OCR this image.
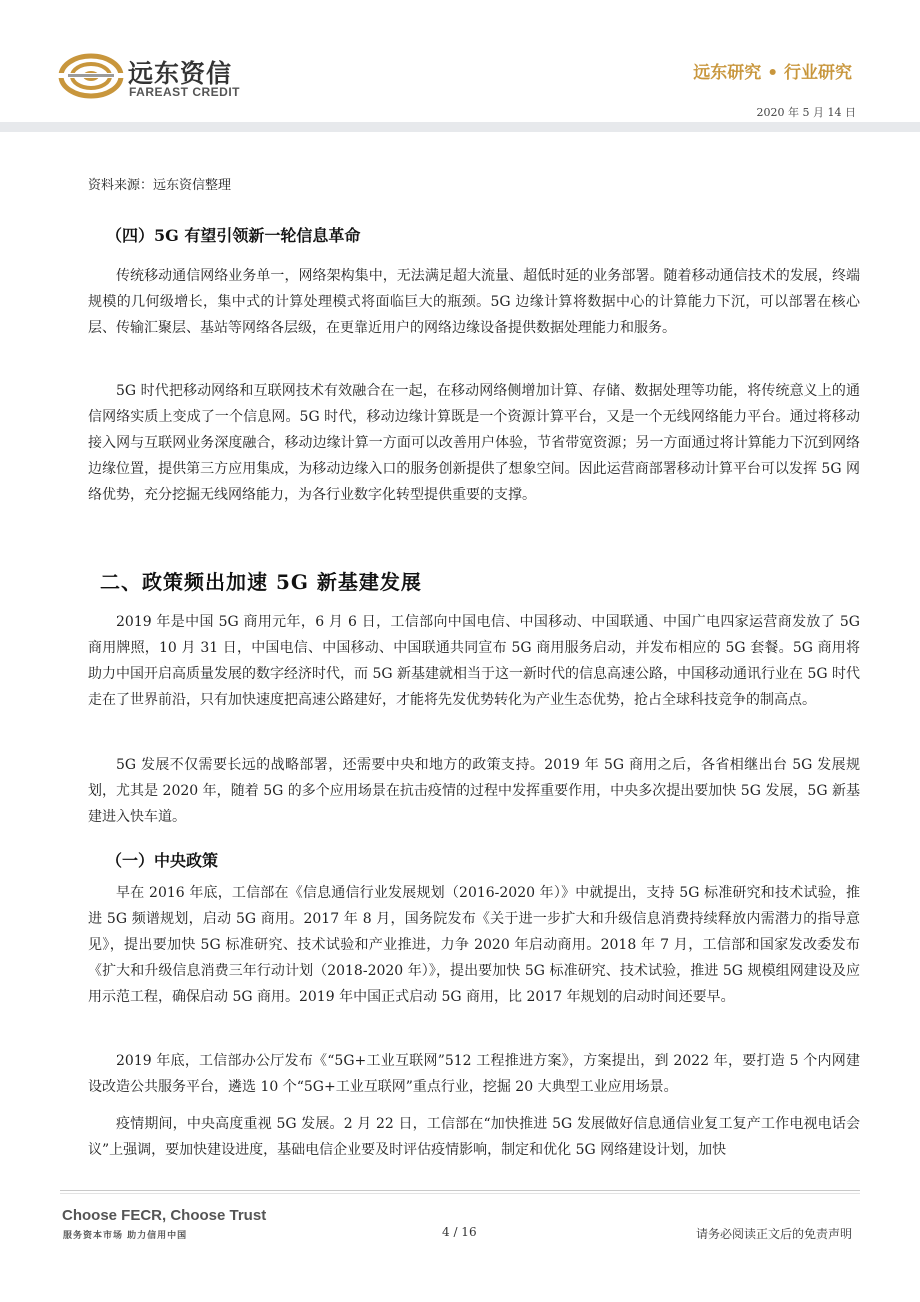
远东资信
FAREAST CREDIT
远东研究 • 行业研究
2020 年 5 月 14 日
资料来源：远东资信整理
（四）5G 有望引领新一轮信息革命

传统移动通信网络业务单一，网络架构集中，无法满足超大流量、超低时延的业务部署。随着移动通信技术的发展，终端规模的几何级增长，集中式的计算处理模式将面临巨大的瓶颈。5G 边缘计算将数据中心的计算能力下沉，可以部署在核心层、传输汇聚层、基站等网络各层级，在更靠近用户的网络边缘设备提供数据处理能力和服务。

5G 时代把移动网络和互联网技术有效融合在一起，在移动网络侧增加计算、存储、数据处理等功能，将传统意义上的通信网络实质上变成了一个信息网。5G 时代，移动边缘计算既是一个资源计算平台，又是一个无线网络能力平台。通过将移动接入网与互联网业务深度融合，移动边缘计算一方面可以改善用户体验，节省带宽资源；另一方面通过将计算能力下沉到网络边缘位置，提供第三方应用集成，为移动边缘入口的服务创新提供了想象空间。因此运营商部署移动计算平台可以发挥 5G 网络优势，充分挖掘无线网络能力，为各行业数字化转型提供重要的支撑。

二、政策频出加速 5G 新基建发展

2019 年是中国 5G 商用元年，6 月 6 日，工信部向中国电信、中国移动、中国联通、中国广电四家运营商发放了 5G 商用牌照，10 月 31 日，中国电信、中国移动、中国联通共同宣布 5G 商用服务启动，并发布相应的 5G 套餐。5G 商用将助力中国开启高质量发展的数字经济时代，而 5G 新基建就相当于这一新时代的信息高速公路，中国移动通讯行业在 5G 时代走在了世界前沿，只有加快速度把高速公路建好，才能将先发优势转化为产业生态优势，抢占全球科技竞争的制高点。

5G 发展不仅需要长远的战略部署，还需要中央和地方的政策支持。2019 年 5G 商用之后，各省相继出台 5G 发展规划，尤其是 2020 年，随着 5G 的多个应用场景在抗击疫情的过程中发挥重要作用，中央多次提出要加快 5G 发展，5G 新基建进入快车道。

（一）中央政策

早在 2016 年底，工信部在《信息通信行业发展规划（2016-2020 年）》中就提出，支持 5G 标准研究和技术试验，推进 5G 频谱规划，启动 5G 商用。2017 年 8 月，国务院发布《关于进一步扩大和升级信息消费持续释放内需潜力的指导意见》，提出要加快 5G 标准研究、技术试验和产业推进，力争 2020 年启动商用。2018 年 7 月，工信部和国家发改委发布《扩大和升级信息消费三年行动计划（2018-2020 年）》，提出要加快 5G 标准研究、技术试验，推进 5G 规模组网建设及应用示范工程，确保启动 5G 商用。2019 年中国正式启动 5G 商用，比 2017 年规划的启动时间还要早。

2019 年底，工信部办公厅发布《“5G+工业互联网”512 工程推进方案》，方案提出，到 2022 年，要打造 5 个内网建设改造公共服务平台，遴选 10 个“5G+工业互联网”重点行业，挖掘 20 大典型工业应用场景。

疫情期间，中央高度重视 5G 发展。2 月 22 日，工信部在“加快推进 5G 发展做好信息通信业复工复产工作电视电话会议”上强调，要加快建设进度，基础电信企业要及时评估疫情影响，制定和优化 5G 网络建设计划，加快

Choose FECR, Choose Trust
服务资本市场 助力信用中国	4 / 16	请务必阅读正文后的免责声明
